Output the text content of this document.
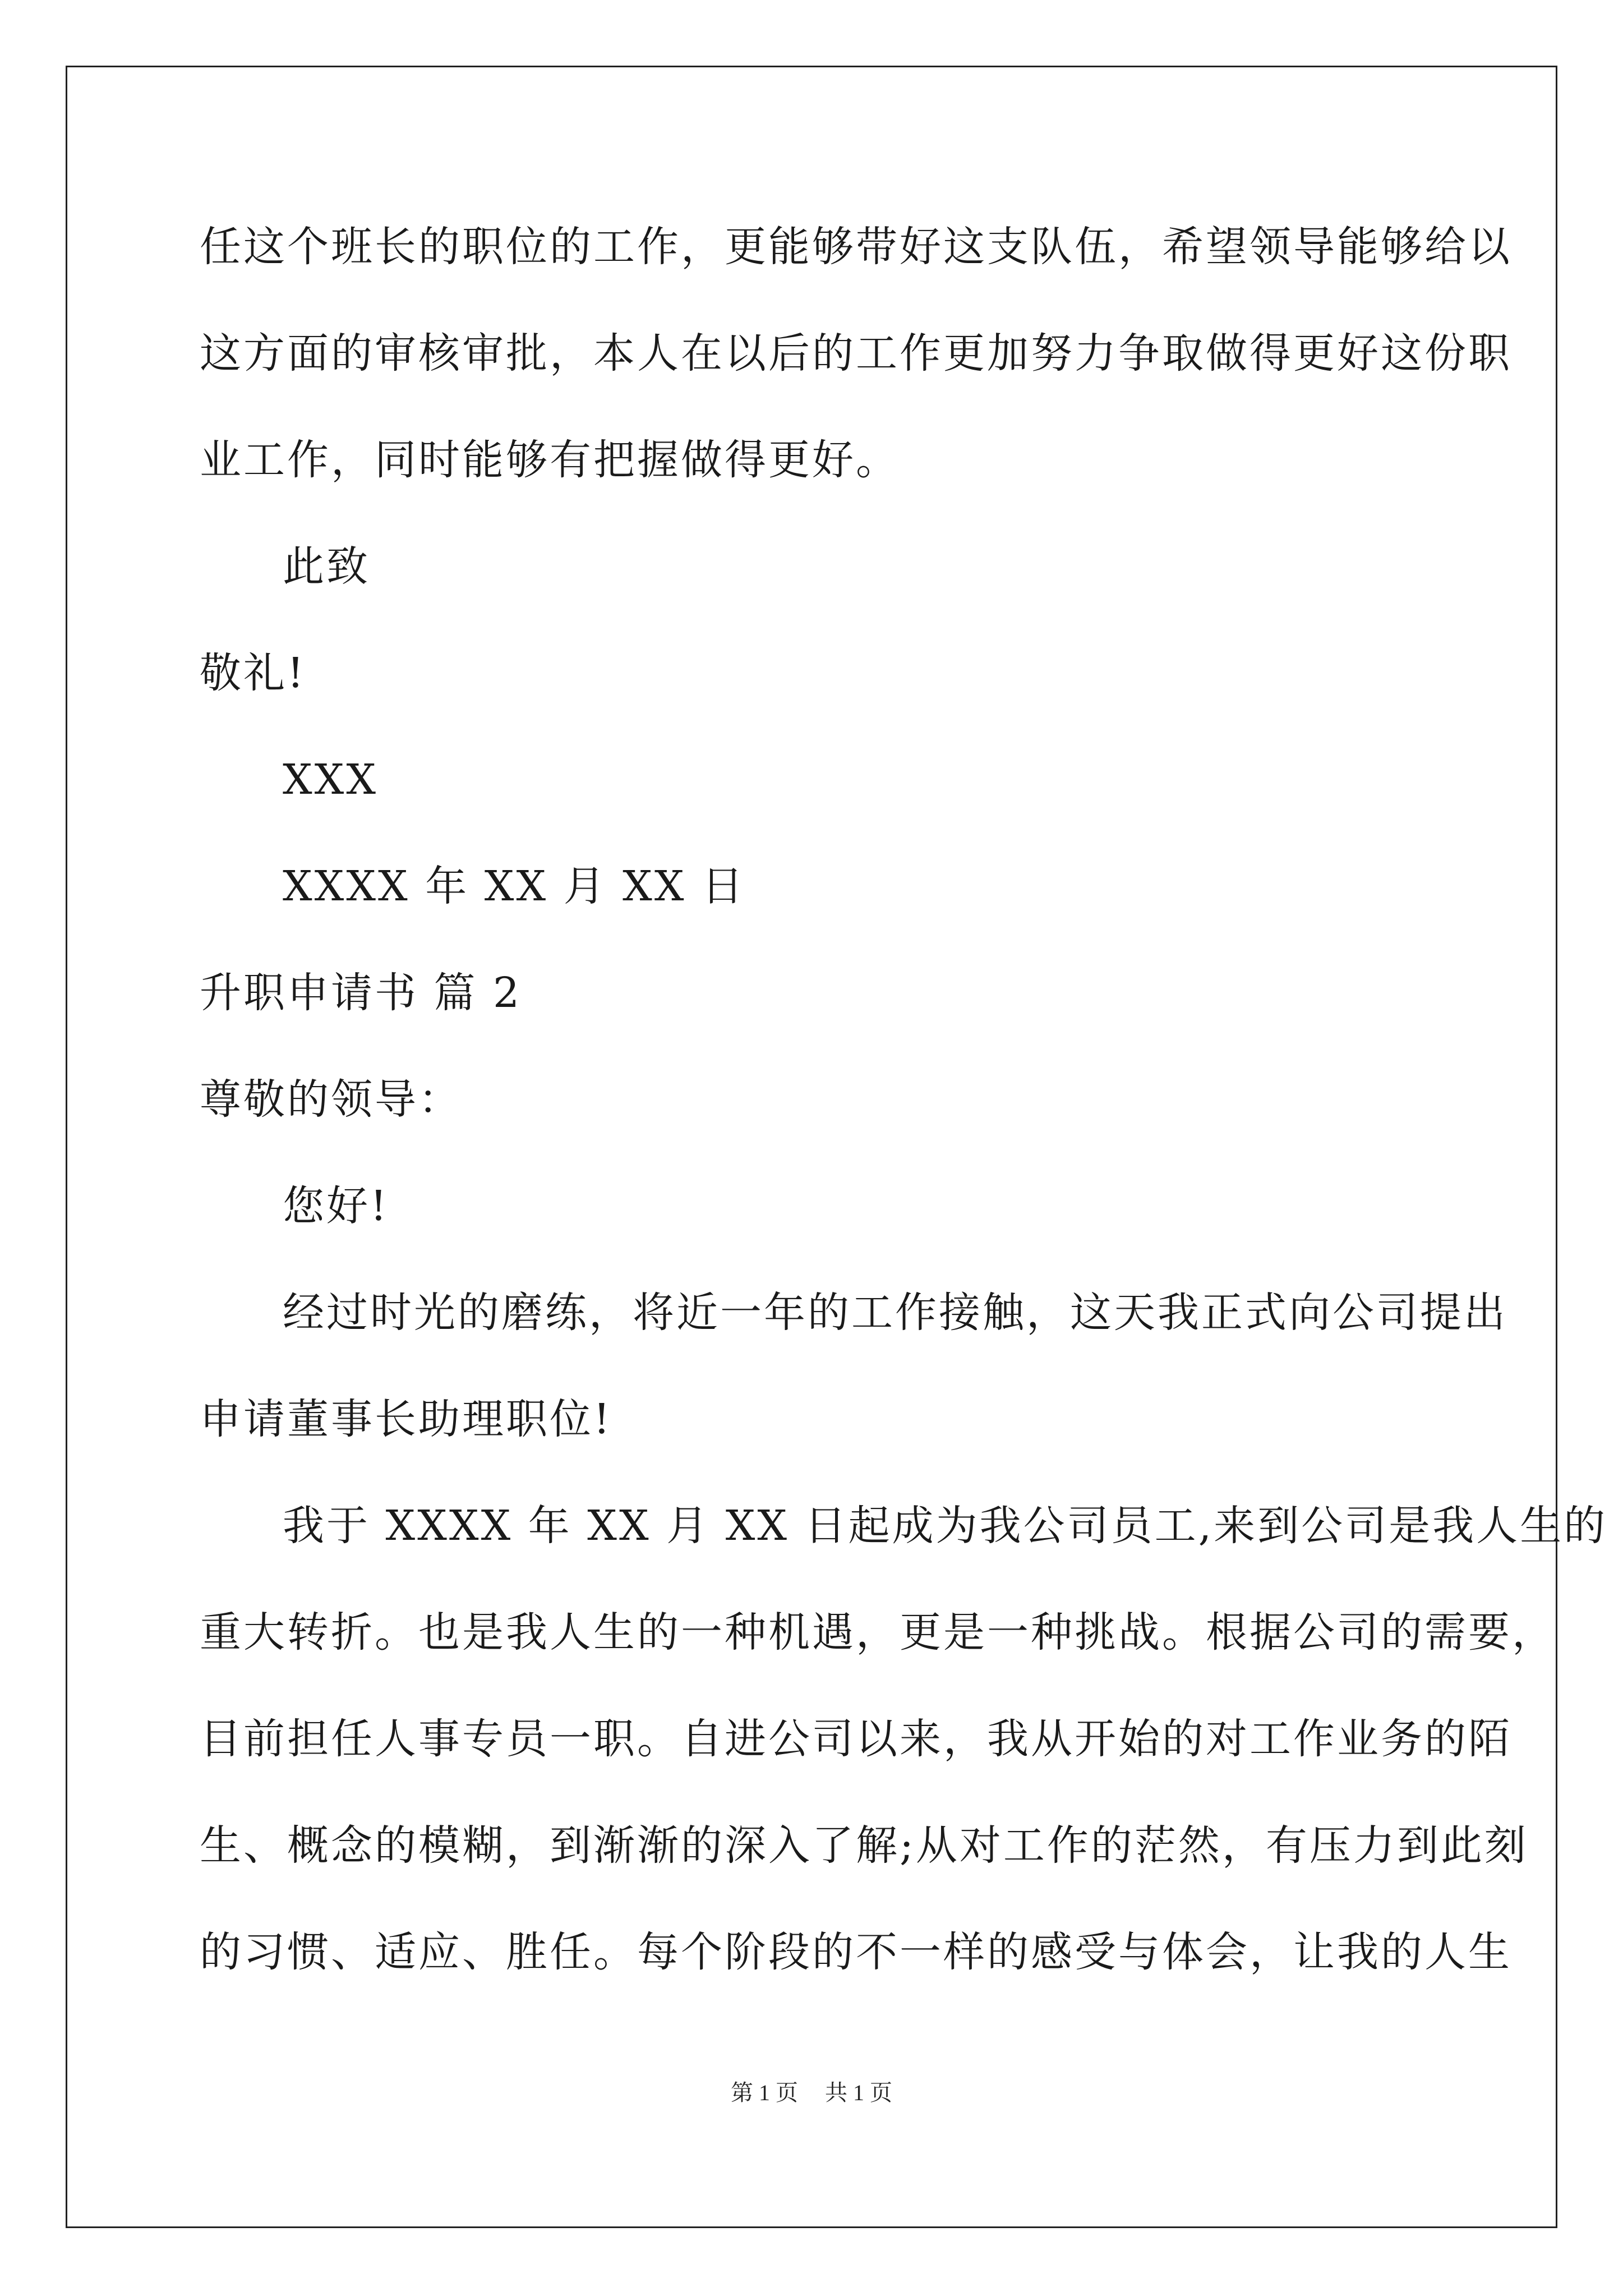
任这个班长的职位的工作，更能够带好这支队伍，希望领导能够给以
这方面的审核审批，本人在以后的工作更加努力争取做得更好这份职
业工作，同时能够有把握做得更好。
此致
敬礼!
XXX
XXXX 年 XX 月 XX 日
升职申请书 篇 2
尊敬的领导：
您好!
经过时光的磨练，将近一年的工作接触，这天我正式向公司提出
申请董事长助理职位!
我于 XXXX 年 XX 月 XX 日起成为我公司员工,来到公司是我人生的
重大转折。也是我人生的一种机遇，更是一种挑战。根据公司的需要，
目前担任人事专员一职。自进公司以来，我从开始的对工作业务的陌
生、概念的模糊，到渐渐的深入了解;从对工作的茫然，有压力到此刻
的习惯、适应、胜任。每个阶段的不一样的感受与体会，让我的人生
第 1 页 共 1 页
